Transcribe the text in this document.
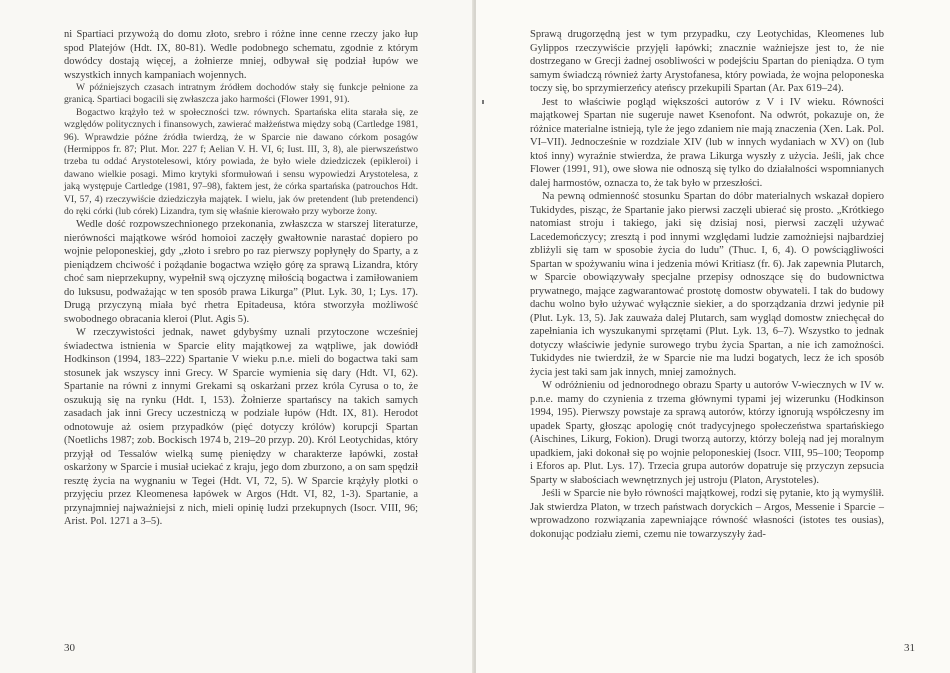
ni Spartiaci przywożą do domu złoto, srebro i różne inne cenne rzeczy jako łup spod Platejów (Hdt. IX, 80-81). Wedle podobnego schematu, zgodnie z którym dowódcy dostają więcej, a żołnierze mniej, odbywał się podział łupów we wszystkich innych kampaniach wojennych.

W późniejszych czasach intratnym źródłem dochodów stały się funkcje pełnione za granicą. Spartiaci bogacili się zwłaszcza jako harmości (Flower 1991, 91).

Bogactwo krążyło też w społeczności tzw. równych. Spartańska elita starała się, ze względów politycznych i finansowych, zawierać małżeństwa między sobą (Cartledge 1981, 96). Wprawdzie późne źródła twierdzą, że w Sparcie nie dawano córkom posagów (Hermippos fr. 87; Plut. Mor. 227 f; Aelian V. H. VI, 6; Iust. III, 3, 8), ale pierwszeństwo trzeba tu oddać Arystotelesowi, który powiada, że było wiele dziedziczek (epikleroi) i dawano wielkie posagi. Mimo krytyki sformułowań i sensu wypowiedzi Arystotelesa, z jaką występuje Cartledge (1981, 97–98), faktem jest, że córka spartańska (patrouchos Hdt. VI, 57, 4) rzeczywiście dziedziczyła majątek. I wielu, jak ów pretendent (lub pretendenci) do ręki córki (lub córek) Lizandra, tym się właśnie kierowało przy wyborze żony.

Wedle dość rozpowszechnionego przekonania, zwłaszcza w starszej literaturze, nierówności majątkowe wśród homoioi zaczęły gwałtownie narastać dopiero po wojnie peloponeskiej, gdy „złoto i srebro po raz pierwszy popłynęły do Sparty, a z pieniądzem chciwość i pożądanie bogactwa wzięło górę za sprawą Lizandra, który choć sam nieprzekupny, wypełnił swą ojczyznę miłością bogactwa i zamiłowaniem do luksusu, podważając w ten sposób prawa Likurga” (Plut. Lyk. 30, 1; Lys. 17). Drugą przyczyną miała być rhetra Epitadeusa, która stworzyła możliwość swobodnego obracania kleroi (Plut. Agis 5).

W rzeczywistości jednak, nawet gdybyśmy uznali przytoczone wcześniej świadectwa istnienia w Sparcie elity majątkowej za wątpliwe, jak dowiódł Hodkinson (1994, 183–222) Spartanie V wieku p.n.e. mieli do bogactwa taki sam stosunek jak wszyscy inni Grecy. W Sparcie wymienia się dary (Hdt. VI, 62). Spartanie na równi z innymi Grekami są oskarżani przez króla Cyrusa o to, że oszukują się na rynku (Hdt. I, 153). Żołnierze spartańscy na takich samych zasadach jak inni Grecy uczestniczą w podziale łupów (Hdt. IX, 81). Herodot odnotowuje aż osiem przypadków (pięć dotyczy królów) korupcji Spartan (Noetlichs 1987; zob. Bockisch 1974 b, 219–20 przyp. 20). Król Leotychidas, który przyjął od Tessalów wielką sumę pieniędzy w charakterze łapówki, został oskarżony w Sparcie i musiał uciekać z kraju, jego dom zburzono, a on sam spędził resztę życia na wygnaniu w Tegei (Hdt. VI, 72, 5). W Sparcie krążyły plotki o przyjęciu przez Kleomenesa łapówek w Argos (Hdt. VI, 82, 1-3). Spartanie, a przynajmniej najważniejsi z nich, mieli opinię ludzi przekupnych (Isocr. VIII, 96; Arist. Pol. 1271 a 3–5).

30

Sprawą drugorzędną jest w tym przypadku, czy Leotychidas, Kleomenes lub Gylippos rzeczywiście przyjęli łapówki; znacznie ważniejsze jest to, że nie dostrzegano w Grecji żadnej osobliwości w podejściu Spartan do pieniądza. O tym samym świadczą również żarty Arystofanesa, który powiada, że wojna peloponeska toczy się, bo sprzymierzeńcy ateńscy przekupili Spartan (Ar. Pax 619–24).

Jest to właściwie pogląd większości autorów z V i IV wieku. Równości majątkowej Spartan nie sugeruje nawet Ksenofont. Na odwrót, pokazuje on, że różnice materialne istnieją, tyle że jego zdaniem nie mają znaczenia (Xen. Lak. Pol. VI–VII). Jednocześnie w rozdziale XIV (lub w innych wydaniach w XV) on (lub ktoś inny) wyraźnie stwierdza, że prawa Likurga wyszły z użycia. Jeśli, jak chce Flower (1991, 91), owe słowa nie odnoszą się tylko do działalności wspomnianych dalej harmostów, oznacza to, że tak było w przeszłości.

Na pewną odmienność stosunku Spartan do dóbr materialnych wskazał dopiero Tukidydes, pisząc, że Spartanie jako pierwsi zaczęli ubierać się prosto. „Krótkiego natomiast stroju i takiego, jaki się dzisiaj nosi, pierwsi zaczęli używać Lacedemończycy; zresztą i pod innymi względami ludzie zamożniejsi najbardziej zbliżyli się tam w sposobie życia do ludu” (Thuc. I, 6, 4). O powściągliwości Spartan w spożywaniu wina i jedzenia mówi Kritiasz (fr. 6). Jak zapewnia Plutarch, w Sparcie obowiązywały specjalne przepisy odnoszące się do budownictwa prywatnego, mające zagwarantować prostotę domostw obywateli. I tak do budowy dachu wolno było używać wyłącznie siekier, a do sporządzania drzwi jedynie pił (Plut. Lyk. 13, 5). Jak zauważa dalej Plutarch, sam wygląd domostw zniechęcał do zapełniania ich wyszukanymi sprzętami (Plut. Lyk. 13, 6–7). Wszystko to jednak dotyczy właściwie jedynie surowego trybu życia Spartan, a nie ich zamożności. Tukidydes nie twierdził, że w Sparcie nie ma ludzi bogatych, lecz że ich sposób życia jest taki sam jak innych, mniej zamożnych.

W odróżnieniu od jednorodnego obrazu Sparty u autorów V-wiecznych w IV w. p.n.e. mamy do czynienia z trzema głównymi typami jej wizerunku (Hodkinson 1994, 195). Pierwszy powstaje za sprawą autorów, którzy ignorują współczesny im upadek Sparty, głosząc apologię cnót tradycyjnego społeczeństwa spartańskiego (Aischines, Likurg, Fokion). Drugi tworzą autorzy, którzy boleją nad jej moralnym upadkiem, jaki dokonał się po wojnie peloponeskiej (Isocr. VIII, 95–100; Teopomp i Eforos ap. Plut. Lys. 17). Trzecia grupa autorów dopatruje się przyczyn zepsucia Sparty w słabościach wewnętrznych jej ustroju (Platon, Arystoteles).

Jeśli w Sparcie nie było równości majątkowej, rodzi się pytanie, kto ją wymyślił. Jak stwierdza Platon, w trzech państwach doryckich – Argos, Messenie i Sparcie – wprowadzono rozwiązania zapewniające równość własności (istotes tes ousias), dokonując podziału ziemi, czemu nie towarzyszyły żad-

31
